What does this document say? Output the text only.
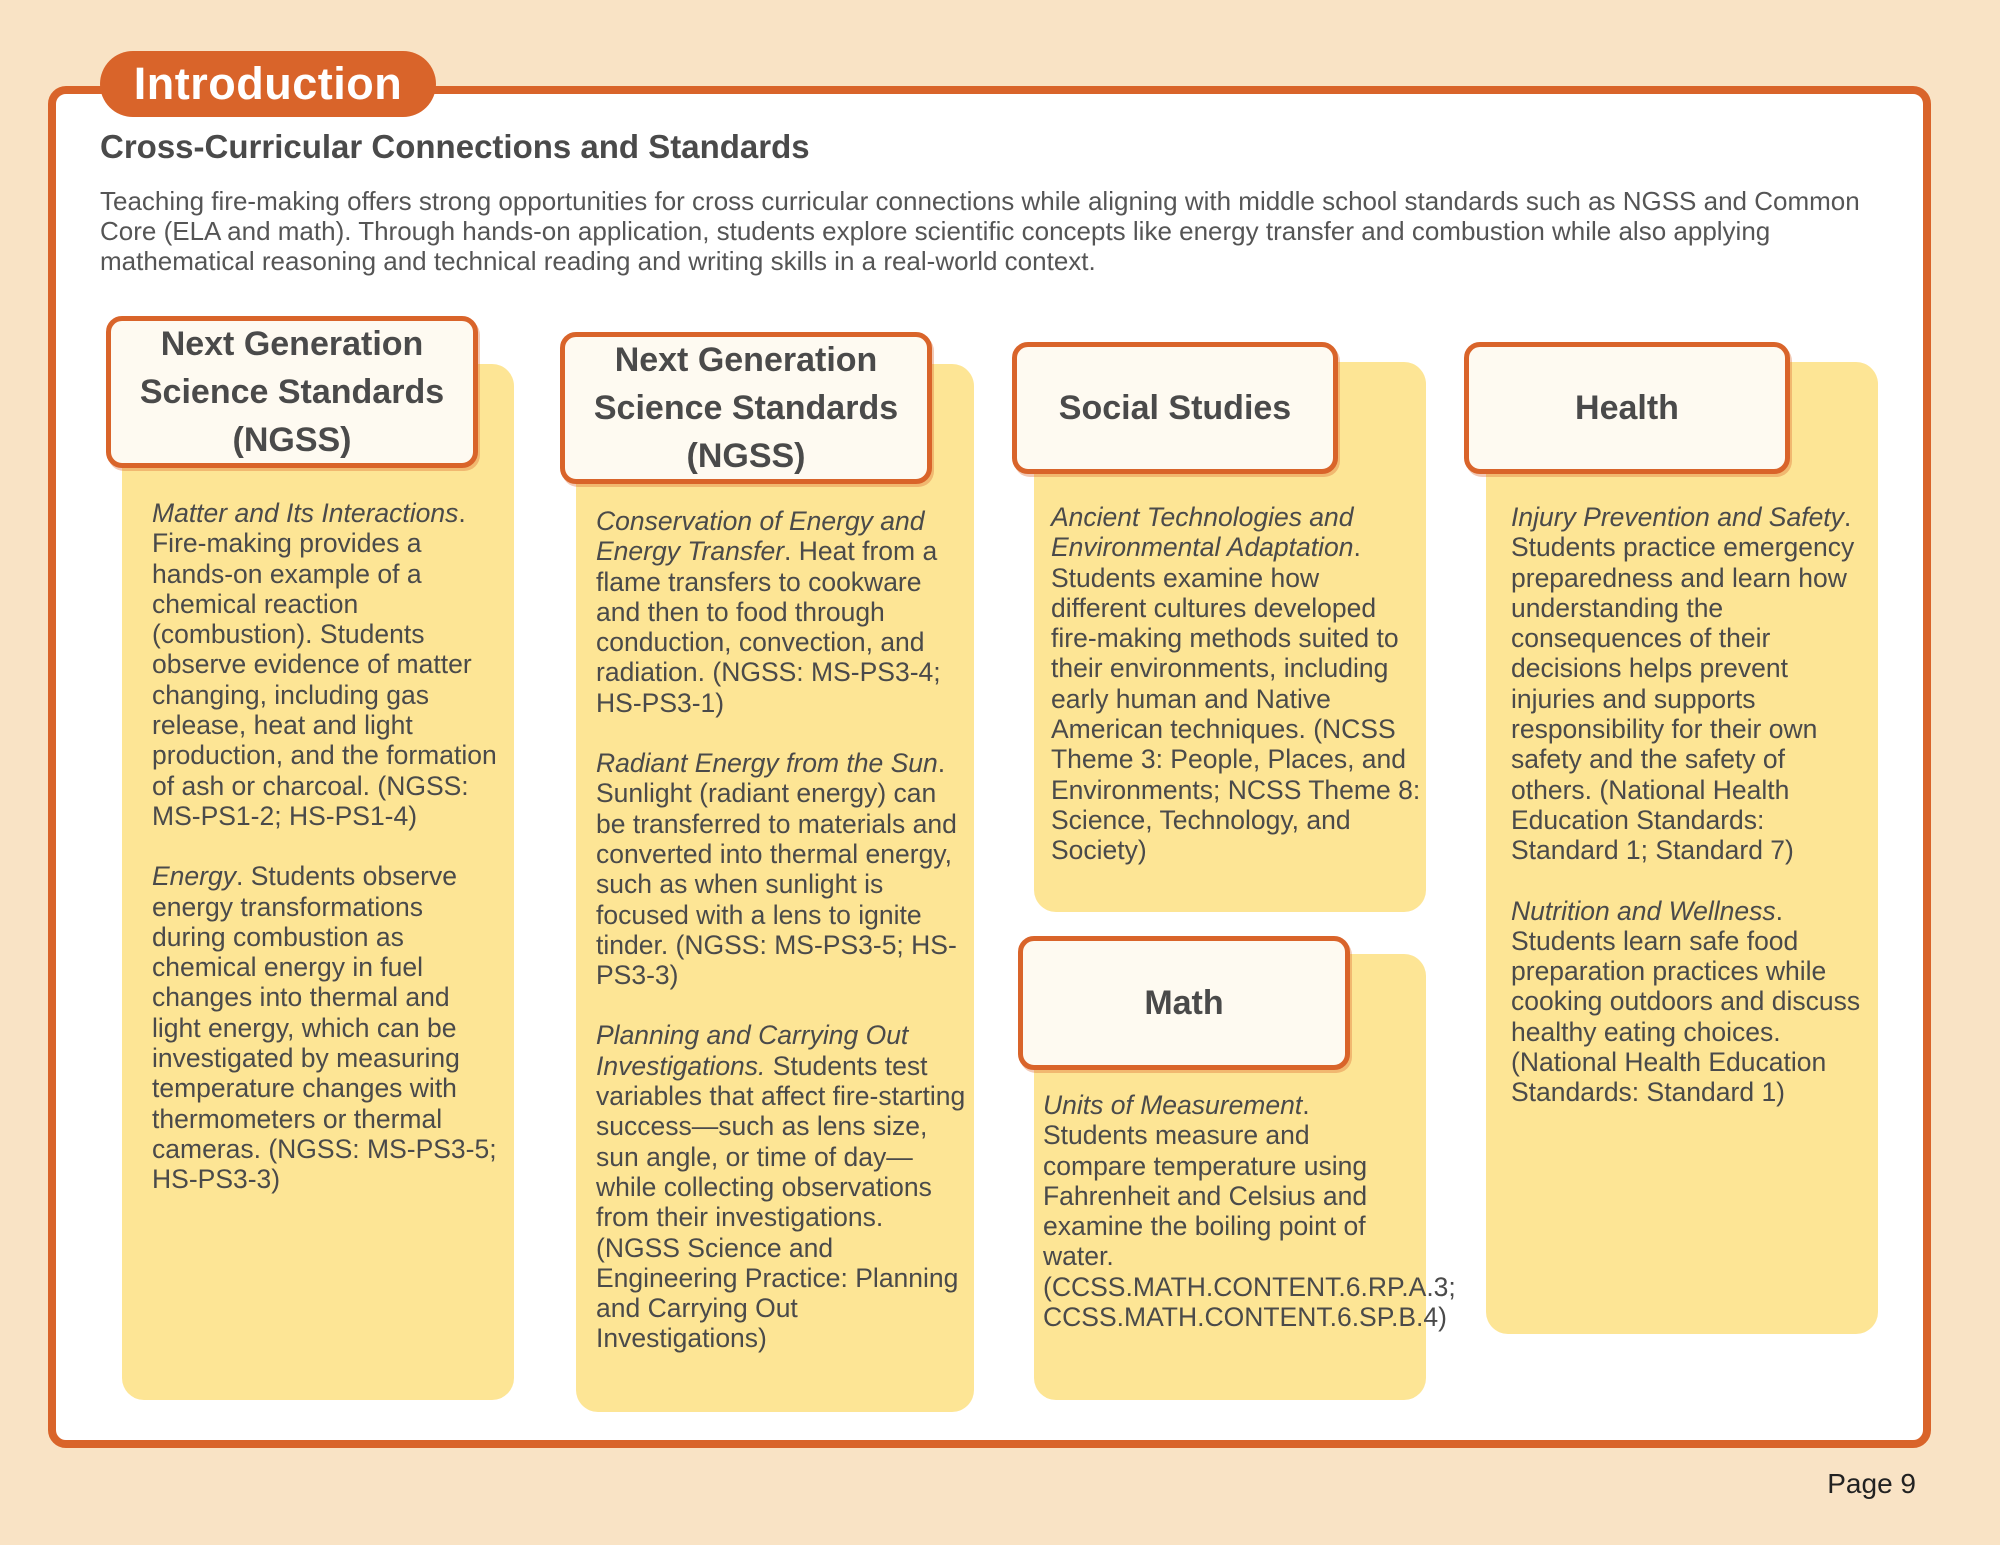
Introduction
Cross-Curricular Connections and Standards

Teaching fire-making offers strong opportunities for cross curricular connections while aligning with middle school standards such as NGSS and Common Core (ELA and math). Through hands-on application, students explore scientific concepts like energy transfer and combustion while also applying mathematical reasoning and technical reading and writing skills in a real-world context.

Next Generation
Science Standards
(NGSS)

Matter and Its Interactions. Fire-making provides a hands-on example of a chemical reaction (combustion). Students observe evidence of matter changing, including gas release, heat and light production, and the formation of ash or charcoal. (NGSS: MS-PS1-2; HS-PS1-4)

Energy. Students observe energy transformations during combustion as chemical energy in fuel changes into thermal and light energy, which can be investigated by measuring temperature changes with thermometers or thermal cameras. (NGSS: MS-PS3-5; HS-PS3-3)

Next Generation
Science Standards
(NGSS)

Conservation of Energy and Energy Transfer. Heat from a flame transfers to cookware and then to food through conduction, convection, and radiation. (NGSS: MS-PS3-4; HS-PS3-1)

Radiant Energy from the Sun. Sunlight (radiant energy) can be transferred to materials and converted into thermal energy, such as when sunlight is focused with a lens to ignite tinder. (NGSS: MS-PS3-5; HS-PS3-3)

Planning and Carrying Out Investigations. Students test variables that affect fire-starting success—such as lens size, sun angle, or time of day—while collecting observations from their investigations. (NGSS Science and Engineering Practice: Planning and Carrying Out Investigations)

Social Studies

Ancient Technologies and Environmental Adaptation. Students examine how different cultures developed fire-making methods suited to their environments, including early human and Native American techniques. (NCSS Theme 3: People, Places, and Environments; NCSS Theme 8: Science, Technology, and Society)

Math

Units of Measurement. Students measure and compare temperature using Fahrenheit and Celsius and examine the boiling point of water. (CCSS.MATH.CONTENT.6.RP.A.3; CCSS.MATH.CONTENT.6.SP.B.4)

Health

Injury Prevention and Safety. Students practice emergency preparedness and learn how understanding the consequences of their decisions helps prevent injuries and supports responsibility for their own safety and the safety of others. (National Health Education Standards: Standard 1; Standard 7)

Nutrition and Wellness. Students learn safe food preparation practices while cooking outdoors and discuss healthy eating choices. (National Health Education Standards: Standard 1)

Page 9
